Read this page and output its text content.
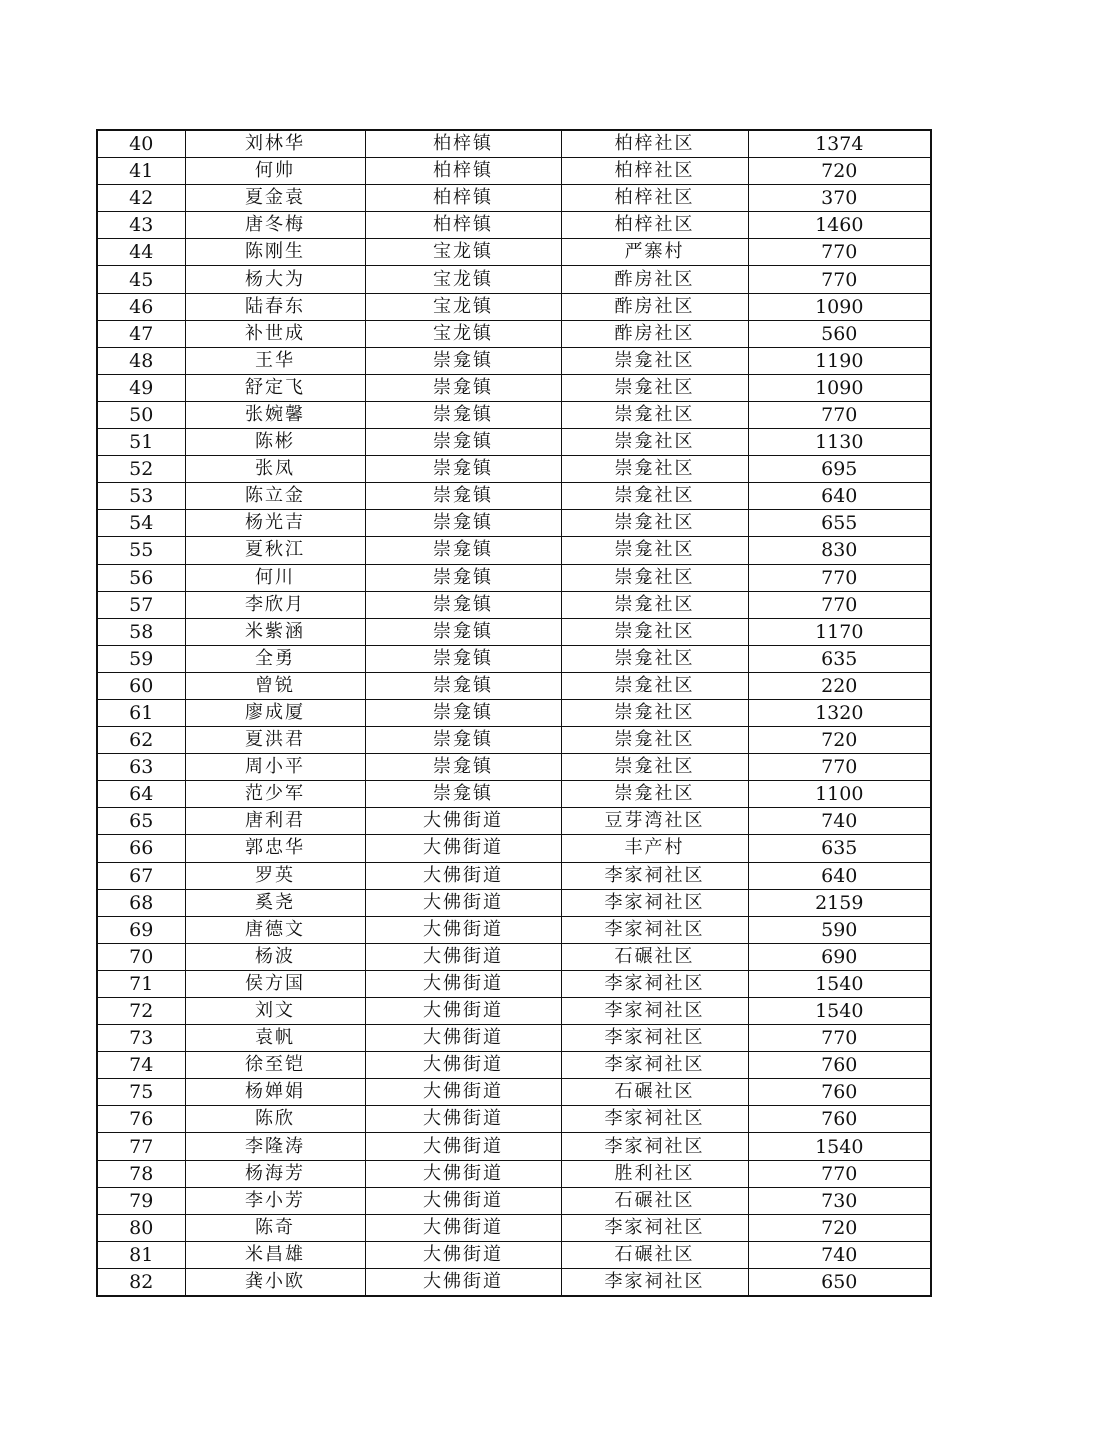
40	刘林华	柏梓镇	柏梓社区	1374
41	何帅	柏梓镇	柏梓社区	720
42	夏金袁	柏梓镇	柏梓社区	370
43	唐冬梅	柏梓镇	柏梓社区	1460
44	陈刚生	宝龙镇	严寨村	770
45	杨大为	宝龙镇	酢房社区	770
46	陆春东	宝龙镇	酢房社区	1090
47	补世成	宝龙镇	酢房社区	560
48	王华	崇龛镇	崇龛社区	1190
49	舒定飞	崇龛镇	崇龛社区	1090
50	张婉馨	崇龛镇	崇龛社区	770
51	陈彬	崇龛镇	崇龛社区	1130
52	张凤	崇龛镇	崇龛社区	695
53	陈立金	崇龛镇	崇龛社区	640
54	杨光吉	崇龛镇	崇龛社区	655
55	夏秋江	崇龛镇	崇龛社区	830
56	何川	崇龛镇	崇龛社区	770
57	李欣月	崇龛镇	崇龛社区	770
58	米紫涵	崇龛镇	崇龛社区	1170
59	全勇	崇龛镇	崇龛社区	635
60	曾锐	崇龛镇	崇龛社区	220
61	廖成厦	崇龛镇	崇龛社区	1320
62	夏洪君	崇龛镇	崇龛社区	720
63	周小平	崇龛镇	崇龛社区	770
64	范少军	崇龛镇	崇龛社区	1100
65	唐利君	大佛街道	豆芽湾社区	740
66	郭忠华	大佛街道	丰产村	635
67	罗英	大佛街道	李家祠社区	640
68	奚尧	大佛街道	李家祠社区	2159
69	唐德文	大佛街道	李家祠社区	590
70	杨波	大佛街道	石碾社区	690
71	侯方国	大佛街道	李家祠社区	1540
72	刘文	大佛街道	李家祠社区	1540
73	袁帆	大佛街道	李家祠社区	770
74	徐至铠	大佛街道	李家祠社区	760
75	杨婵娟	大佛街道	石碾社区	760
76	陈欣	大佛街道	李家祠社区	760
77	李隆涛	大佛街道	李家祠社区	1540
78	杨海芳	大佛街道	胜利社区	770
79	李小芳	大佛街道	石碾社区	730
80	陈奇	大佛街道	李家祠社区	720
81	米昌雄	大佛街道	石碾社区	740
82	龚小欧	大佛街道	李家祠社区	650
